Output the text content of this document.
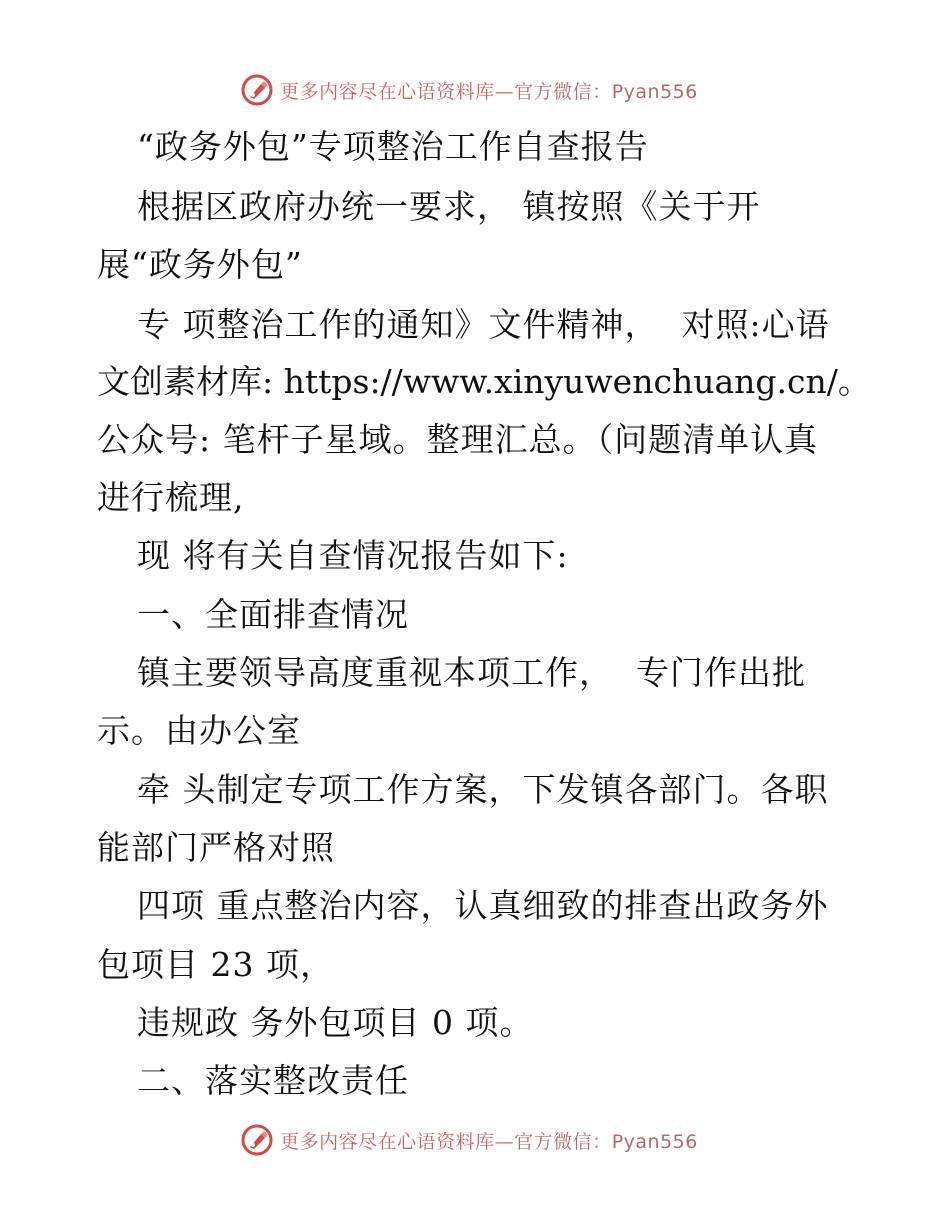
更多内容尽在心语资料库—官方微信：Pyan556
“政务外包”专项整治工作自查报告
根据区政府办统一要求， 镇按照《关于开
展“政务外包”
专 项整治工作的通知》文件精神，  对照:心语
文创素材库: https://www.xinyuwenchuang.cn/。
公众号: 笔杆子星域。整理汇总。（问题清单认真
进行梳理,
现 将有关自查情况报告如下:
一、全面排查情况
镇主要领导高度重视本项工作，  专门作出批
示。由办公室
牵 头制定专项工作方案，下发镇各部门。各职
能部门严格对照
四项 重点整治内容，认真细致的排查出政务外
包项目 23 项，
违规政 务外包项目 0 项。
二、落实整改责任
更多内容尽在心语资料库—官方微信：Pyan556
